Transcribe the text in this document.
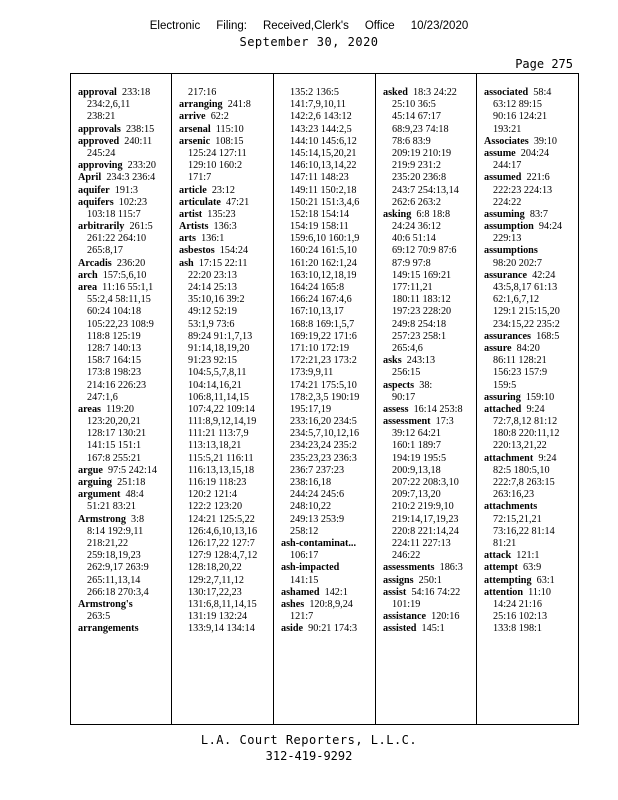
Electronic Filing: Received,Clerk's Office 10/23/2020
September 30, 2020
Page 275
approval 233:18
234:2,6,11
238:21
approvals 238:15
approved 240:11
245:24
approving 233:20
April 234:3 236:4
aquifer 191:3
aquifers 102:23
103:18 115:7
arbitrarily 261:5
261:22 264:10
265:8,17
Arcadis 236:20
arch 157:5,6,10
area 11:16 55:1,1
55:2,4 58:11,15
60:24 104:18
105:22,23 108:9
118:8 125:19
128:7 140:13
158:7 164:15
173:8 198:23
214:16 226:23
247:1,6
areas 119:20
123:20,20,21
128:17 130:21
141:15 151:1
167:8 255:21
argue 97:5 242:14
arguing 251:18
argument 48:4
51:21 83:21
Armstrong 3:8
8:14 192:9,11
218:21,22
259:18,19,23
262:9,17 263:9
265:11,13,14
266:18 270:3,4
Armstrong's
263:5
arrangements
217:16
arranging 241:8
arrive 62:2
arsenal 115:10
arsenic 108:15
125:24 127:11
129:10 160:2
171:7
article 23:12
articulate 47:21
artist 135:23
Artists 136:3
arts 136:1
asbestos 154:24
ash 17:15 22:11
22:20 23:13
24:14 25:13
35:10,16 39:2
49:12 52:19
53:1,9 73:6
89:24 91:1,7,13
91:14,18,19,20
91:23 92:15
104:5,5,7,8,11
104:14,16,21
106:8,11,14,15
107:4,22 109:14
111:8,9,12,14,19
111:21 113:7,9
113:13,18,21
115:5,21 116:11
116:13,13,15,18
116:19 118:23
120:2 121:4
122:2 123:20
124:21 125:5,22
126:4,6,10,13,16
126:17,22 127:7
127:9 128:4,7,12
128:18,20,22
129:2,7,11,12
130:17,22,23
131:6,8,11,14,15
131:19 132:24
133:9,14 134:14
135:2 136:5
141:7,9,10,11
142:2,6 143:12
143:23 144:2,5
144:10 145:6,12
145:14,15,20,21
146:10,13,14,22
147:11 148:23
149:11 150:2,18
150:21 151:3,4,6
152:18 154:14
154:19 158:11
159:6,10 160:1,9
160:24 161:5,10
161:20 162:1,24
163:10,12,18,19
164:24 165:8
166:24 167:4,6
167:10,13,17
168:8 169:1,5,7
169:19,22 171:6
171:10 172:19
172:21,23 173:2
173:9,9,11
174:21 175:5,10
178:2,3,5 190:19
195:17,19
233:16,20 234:5
234:5,7,10,12,16
234:23,24 235:2
235:23,23 236:3
236:7 237:23
238:16,18
244:24 245:6
248:10,22
249:13 253:9
258:12
ash-contaminat...
106:17
ash-impacted
141:15
ashamed 142:1
ashes 120:8,9,24
121:7
aside 90:21 174:3
asked 18:3 24:22
25:10 36:5
45:14 67:17
68:9,23 74:18
78:6 83:9
209:19 210:19
219:9 231:2
235:20 236:8
243:7 254:13,14
262:6 263:2
asking 6:8 18:8
24:24 36:12
40:6 51:14
69:12 70:9 87:6
87:9 97:8
149:15 169:21
177:11,21
180:11 183:12
197:23 228:20
249:8 254:18
257:23 258:1
265:4,6
asks 243:13
256:15
aspects 38:
90:17
assess 16:14 253:8
assessment 17:3
39:12 64:21
160:1 189:7
194:19 195:5
200:9,13,18
207:22 208:3,10
209:7,13,20
210:2 219:9,10
219:14,17,19,23
220:8 221:14,24
224:11 227:13
246:22
assessments 186:3
assigns 250:1
assist 54:16 74:22
101:19
assistance 120:16
assisted 145:1
associated 58:4
63:12 89:15
90:16 124:21
193:21
Associates 39:10
assume 204:24
244:17
assumed 221:6
222:23 224:13
224:22
assuming 83:7
assumption 94:24
229:13
assumptions
98:20 202:7
assurance 42:24
43:5,8,17 61:13
62:1,6,7,12
129:1 215:15,20
234:15,22 235:2
assurances 168:5
assure 84:20
86:11 128:21
156:23 157:9
159:5
assuring 159:10
attached 9:24
72:7,8,12 81:12
180:8 220:11,12
220:13,21,22
attachment 9:24
82:5 180:5,10
222:7,8 263:15
263:16,23
attachments
72:15,21,21
73:16,22 81:14
81:21
attack 121:1
attempt 63:9
attempting 63:1
attention 11:10
14:24 21:16
25:16 102:13
133:8 198:1
L.A. Court Reporters, L.L.C.
312-419-9292
